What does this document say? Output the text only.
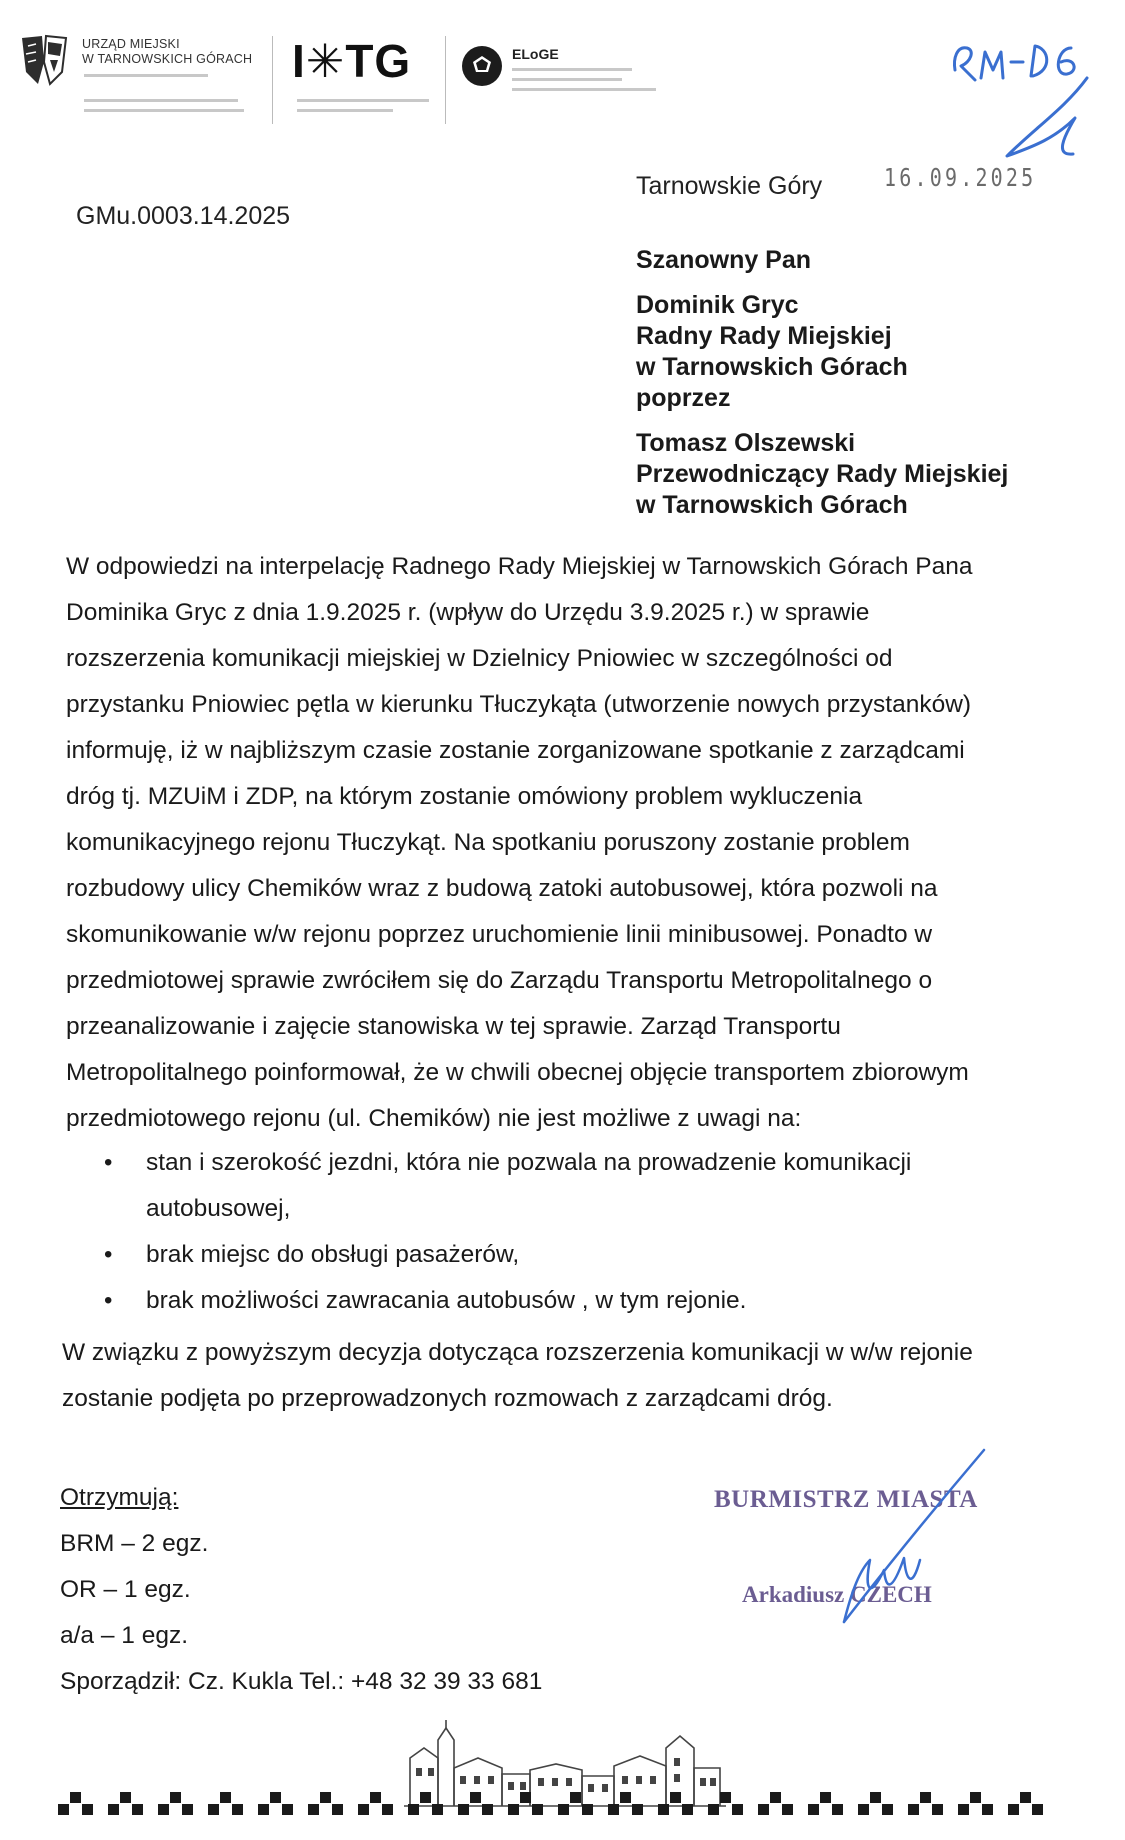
URZĄD MIEJSKI
W TARNOWSKICH GÓRACH I✳TG	ELoGE
Tarnowskie Góry 16.09.2025
GMu.0003.14.2025
Szanowny Pan
Dominik Gryc
Radny Rady Miejskiej
w Tarnowskich Górach
poprzez
Tomasz Olszewski
Przewodniczący Rady Miejskiej
w Tarnowskich Górach
W odpowiedzi na interpelację Radnego Rady Miejskiej w Tarnowskich Górach Pana
Dominika Gryc z dnia 1.9.2025 r. (wpływ do Urzędu 3.9.2025 r.) w sprawie
rozszerzenia komunikacji miejskiej w Dzielnicy Pniowiec w szczególności od
przystanku Pniowiec pętla w kierunku Tłuczykąta (utworzenie nowych przystanków)
informuję, iż w najbliższym czasie zostanie zorganizowane spotkanie z zarządcami
dróg tj. MZUiM i ZDP, na którym zostanie omówiony problem wykluczenia
komunikacyjnego rejonu Tłuczykąt. Na spotkaniu poruszony zostanie problem
rozbudowy ulicy Chemików wraz z budową zatoki autobusowej, która pozwoli na
skomunikowanie w/w rejonu poprzez uruchomienie linii minibusowej. Ponadto w
przedmiotowej sprawie zwróciłem się do Zarządu Transportu Metropolitalnego o
przeanalizowanie i zajęcie stanowiska w tej sprawie. Zarząd Transportu
Metropolitalnego poinformował, że w chwili obecnej objęcie transportem zbiorowym
przedmiotowego rejonu (ul. Chemików) nie jest możliwe z uwagi na:
• stan i szerokość jezdni, która nie pozwala na prowadzenie komunikacji
autobusowej,
• brak miejsc do obsługi pasażerów,
• brak możliwości zawracania autobusów , w tym rejonie.
W związku z powyższym decyzja dotycząca rozszerzenia komunikacji w w/w rejonie
zostanie podjęta po przeprowadzonych rozmowach z zarządcami dróg.
Otrzymują:
BRM – 2 egz.
OR – 1 egz.
a/a – 1 egz.
Sporządził: Cz. Kukla Tel.: +48 32 39 33 681
BURMISTRZ MIASTA
Arkadiusz CZECH
